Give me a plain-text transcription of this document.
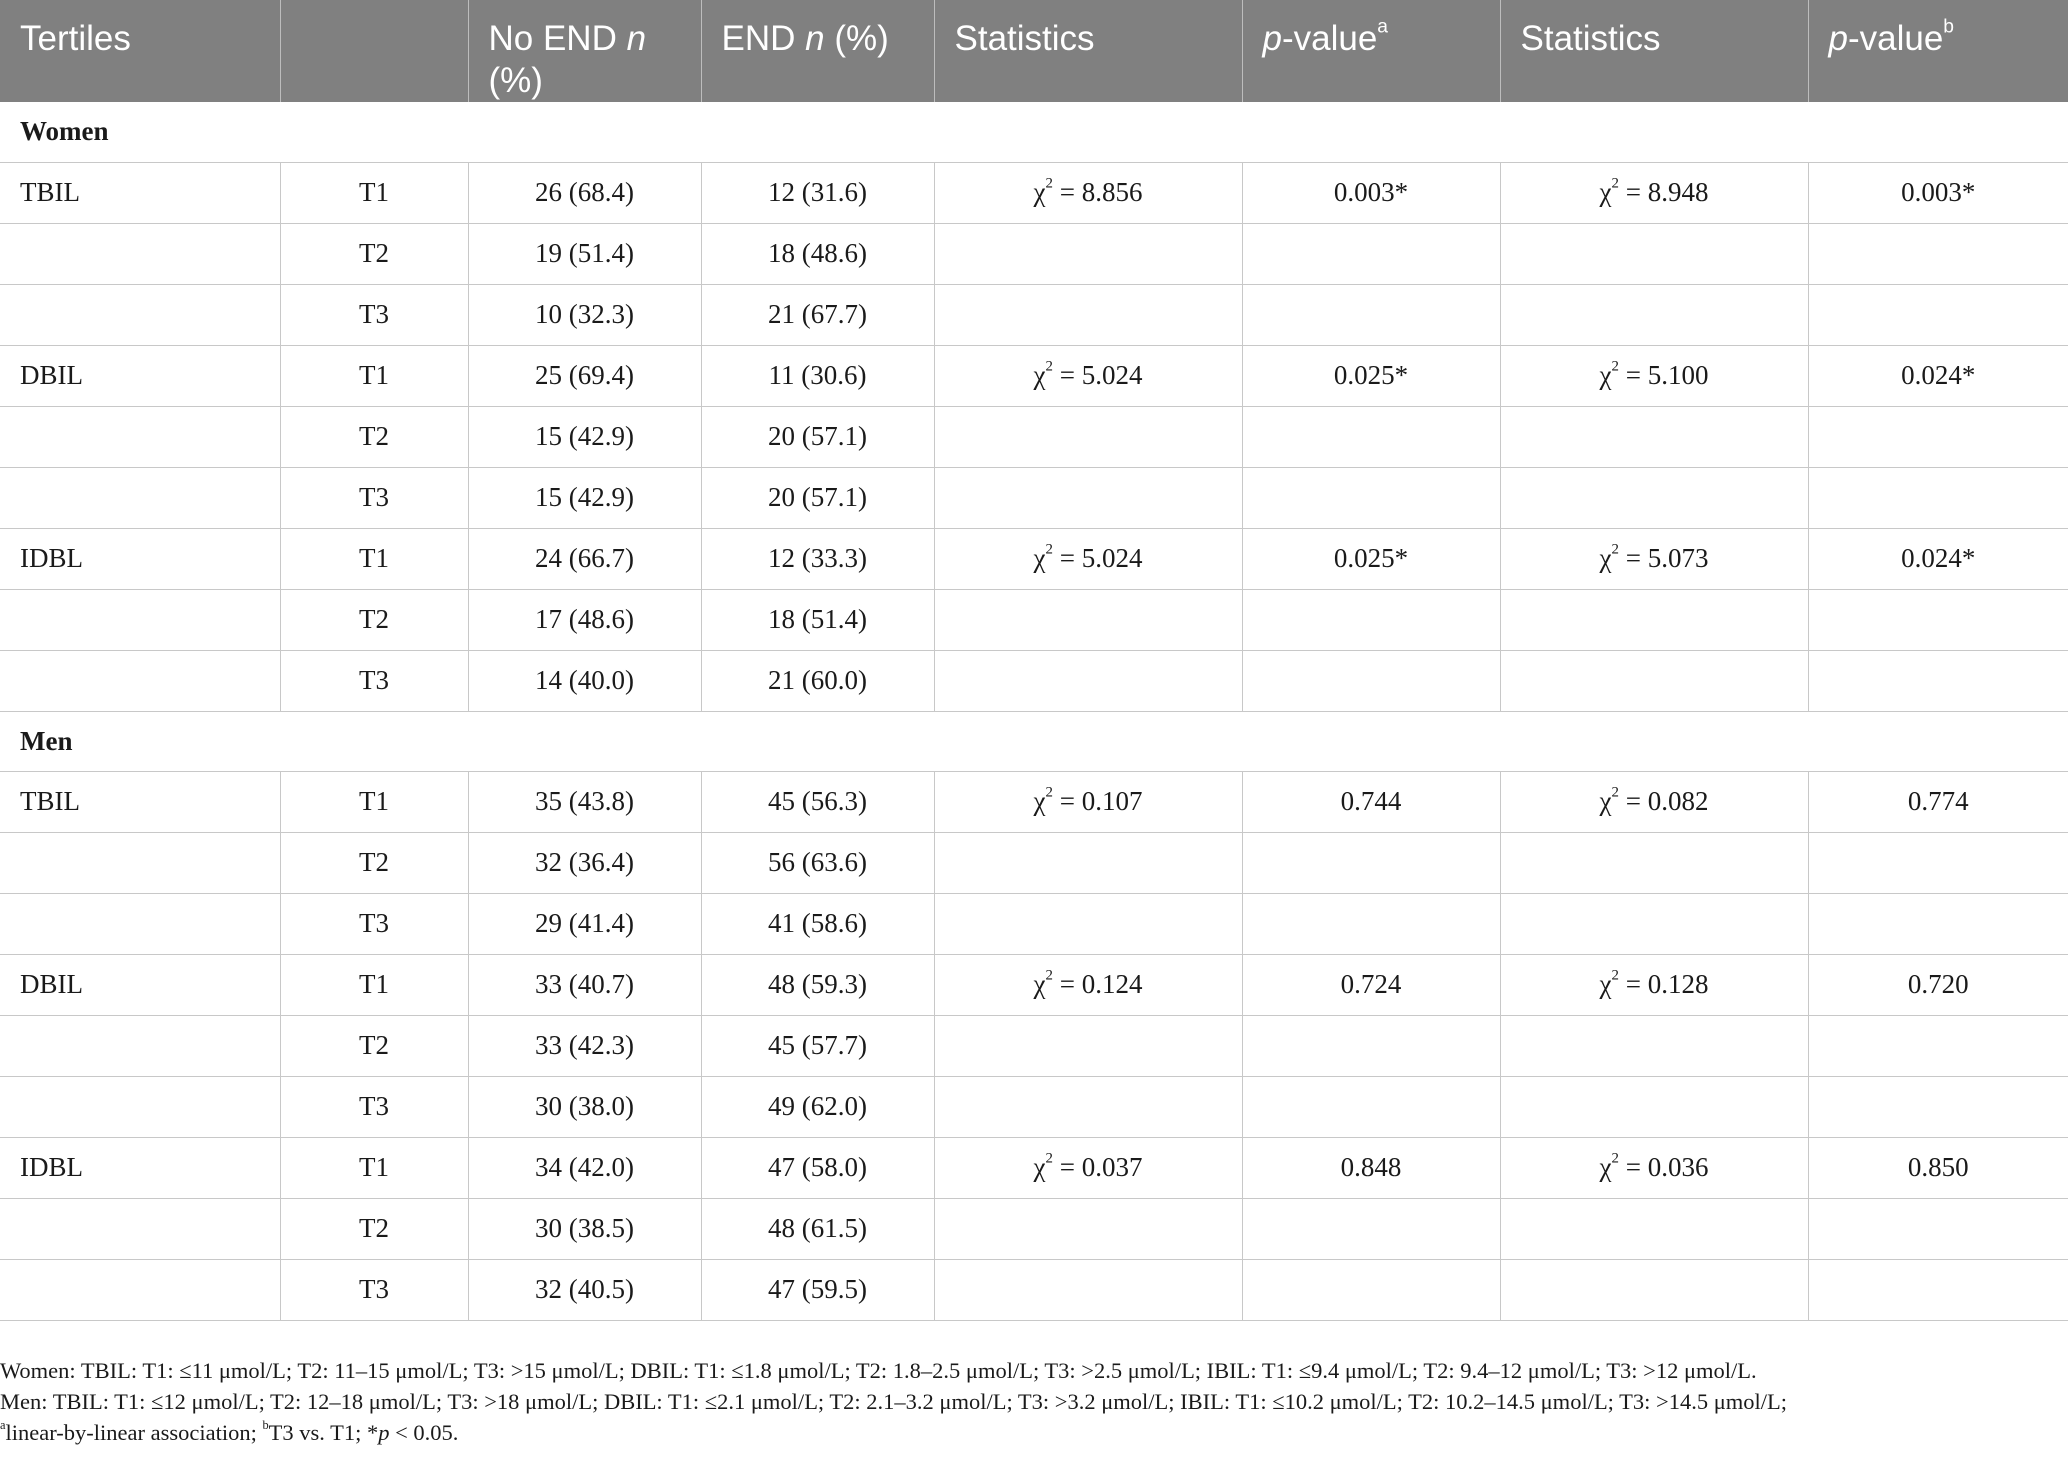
Tertiles		No END n (%)	END n (%)	Statistics	p-value$^a$	Statistics	p-value$^b$
Women							
TBIL	T1	26 (68.4)	12 (31.6)	$\chi^2 = 8.856$	0.003*	$\chi^2 = 8.948$	0.003*
	T2	19 (51.4)	18 (48.6)				
	T3	10 (32.3)	21 (67.7)				
DBIL	T1	25 (69.4)	11 (30.6)	$\chi^2 = 5.024$	0.025*	$\chi^2 = 5.100$	0.024*
	T2	15 (42.9)	20 (57.1)				
	T3	15 (42.9)	20 (57.1)				
IDBL	T1	24 (66.7)	12 (33.3)	$\chi^2 = 5.024$	0.025*	$\chi^2 = 5.073$	0.024*
	T2	17 (48.6)	18 (51.4)				
	T3	14 (40.0)	21 (60.0)				
Men							
TBIL	T1	35 (43.8)	45 (56.3)	$\chi^2 = 0.107$	0.744	$\chi^2 = 0.082$	0.774
	T2	32 (36.4)	56 (63.6)				
	T3	29 (41.4)	41 (58.6)				
DBIL	T1	33 (40.7)	48 (59.3)	$\chi^2 = 0.124$	0.724	$\chi^2 = 0.128$	0.720
	T2	33 (42.3)	45 (57.7)				
	T3	30 (38.0)	49 (62.0)				
IDBL	T1	34 (42.0)	47 (58.0)	$\chi^2 = 0.037$	0.848	$\chi^2 = 0.036$	0.850
	T2	30 (38.5)	48 (61.5)				
	T3	32 (40.5)	47 (59.5)				
Women: TBIL: T1: ≤11 μmol/L; T2: 11–15 μmol/L; T3: >15 μmol/L; DBIL: T1: ≤1.8 μmol/L; T2: 1.8–2.5 μmol/L; T3: >2.5 μmol/L; IBIL: T1: ≤9.4 μmol/L; T2: 9.4–12 μmol/L; T3: >12 μmol/L.
Men: TBIL: T1: ≤12 μmol/L; T2: 12–18 μmol/L; T3: >18 μmol/L; DBIL: T1: ≤2.1 μmol/L; T2: 2.1–3.2 μmol/L; T3: >3.2 μmol/L; IBIL: T1: ≤10.2 μmol/L; T2: 10.2–14.5 μmol/L; T3: >14.5 μmol/L;
$^a$linear-by-linear association; $^b$T3 vs. T1; *p < 0.05.
